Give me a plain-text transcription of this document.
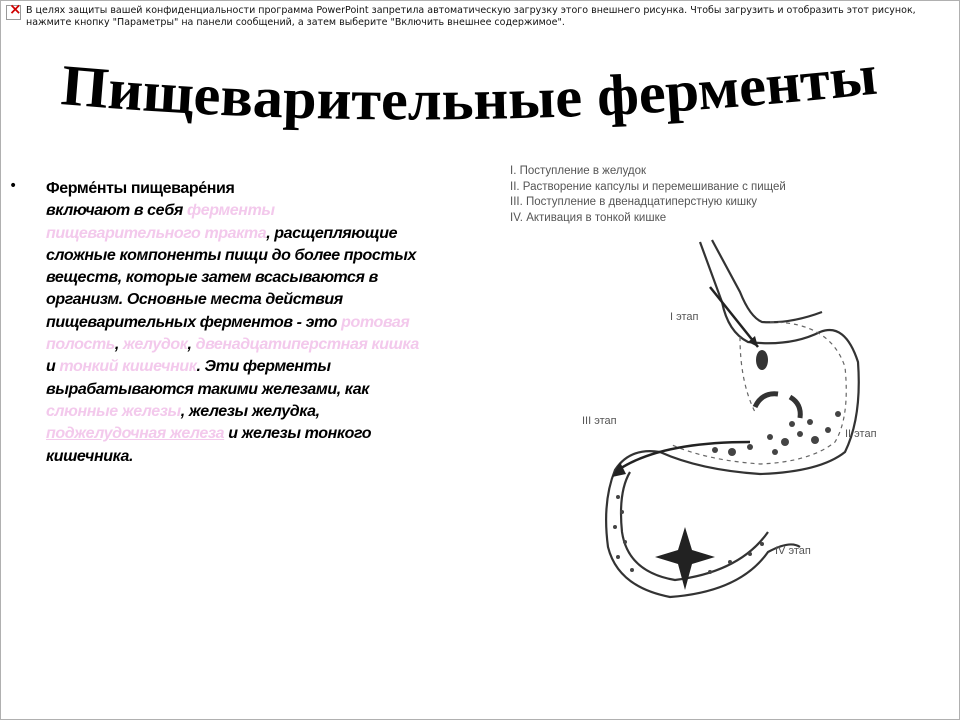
×
В целях защиты вашей конфиденциальности программа PowerPoint запретила автоматическую загрузку этого внешнего рисунка. Чтобы загрузить и отобразить этот рисунок, нажмите кнопку "Параметры" на панели сообщений, а затем выберите "Включить внешнее содержимое".
Пищеварительные ферменты
• Ферме́нты пищеваре́ния
включают в себя ферменты пищеварительного тракта, расщепляющие сложные компоненты пищи до более простых веществ, которые затем всасываются в организм. Основные места действия пищеварительных ферментов - это ротовая полость, желудок, двенадцатиперстная кишка и тонкий кишечник. Эти ферменты вырабатываются такими железами, как слюнные железы, железы желудка, поджелудочная железа и железы тонкого кишечника.
I. Поступление в желудок
II. Растворение капсулы и перемешивание с пищей
III. Поступление в двенадцатиперстную кишку
IV. Активация в тонкой кишке
I этап
II этап
III этап
IV этап
